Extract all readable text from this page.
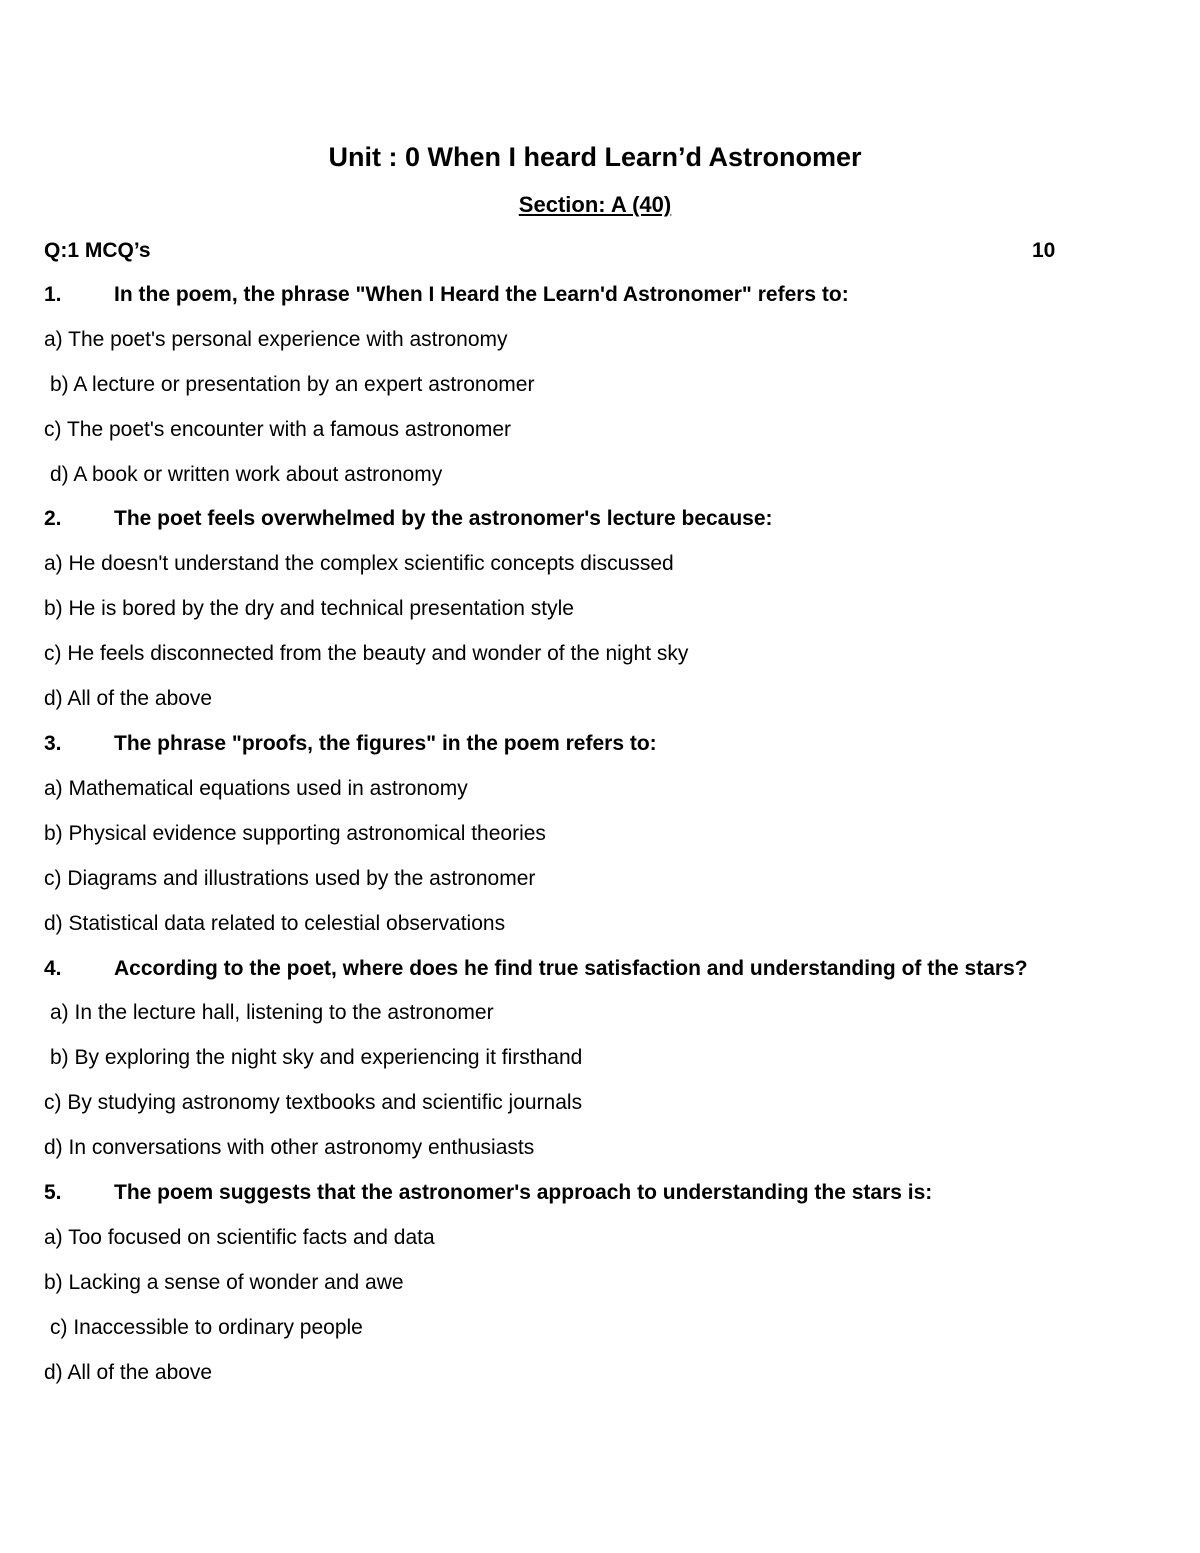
Unit : 0 When I heard Learn’d Astronomer
Section: A (40)
Q:1 MCQ’s	10
1. In the poem, the phrase "When I Heard the Learn'd Astronomer" refers to:
a) The poet's personal experience with astronomy
b) A lecture or presentation by an expert astronomer
c) The poet's encounter with a famous astronomer
d) A book or written work about astronomy
2. The poet feels overwhelmed by the astronomer's lecture because:
a) He doesn't understand the complex scientific concepts discussed
b) He is bored by the dry and technical presentation style
c) He feels disconnected from the beauty and wonder of the night sky
d) All of the above
3. The phrase "proofs, the figures" in the poem refers to:
a) Mathematical equations used in astronomy
b) Physical evidence supporting astronomical theories
c) Diagrams and illustrations used by the astronomer
d) Statistical data related to celestial observations
4. According to the poet, where does he find true satisfaction and understanding of the stars?
a) In the lecture hall, listening to the astronomer
b) By exploring the night sky and experiencing it firsthand
c) By studying astronomy textbooks and scientific journals
d) In conversations with other astronomy enthusiasts
5. The poem suggests that the astronomer's approach to understanding the stars is:
a) Too focused on scientific facts and data
b) Lacking a sense of wonder and awe
c) Inaccessible to ordinary people
d) All of the above
